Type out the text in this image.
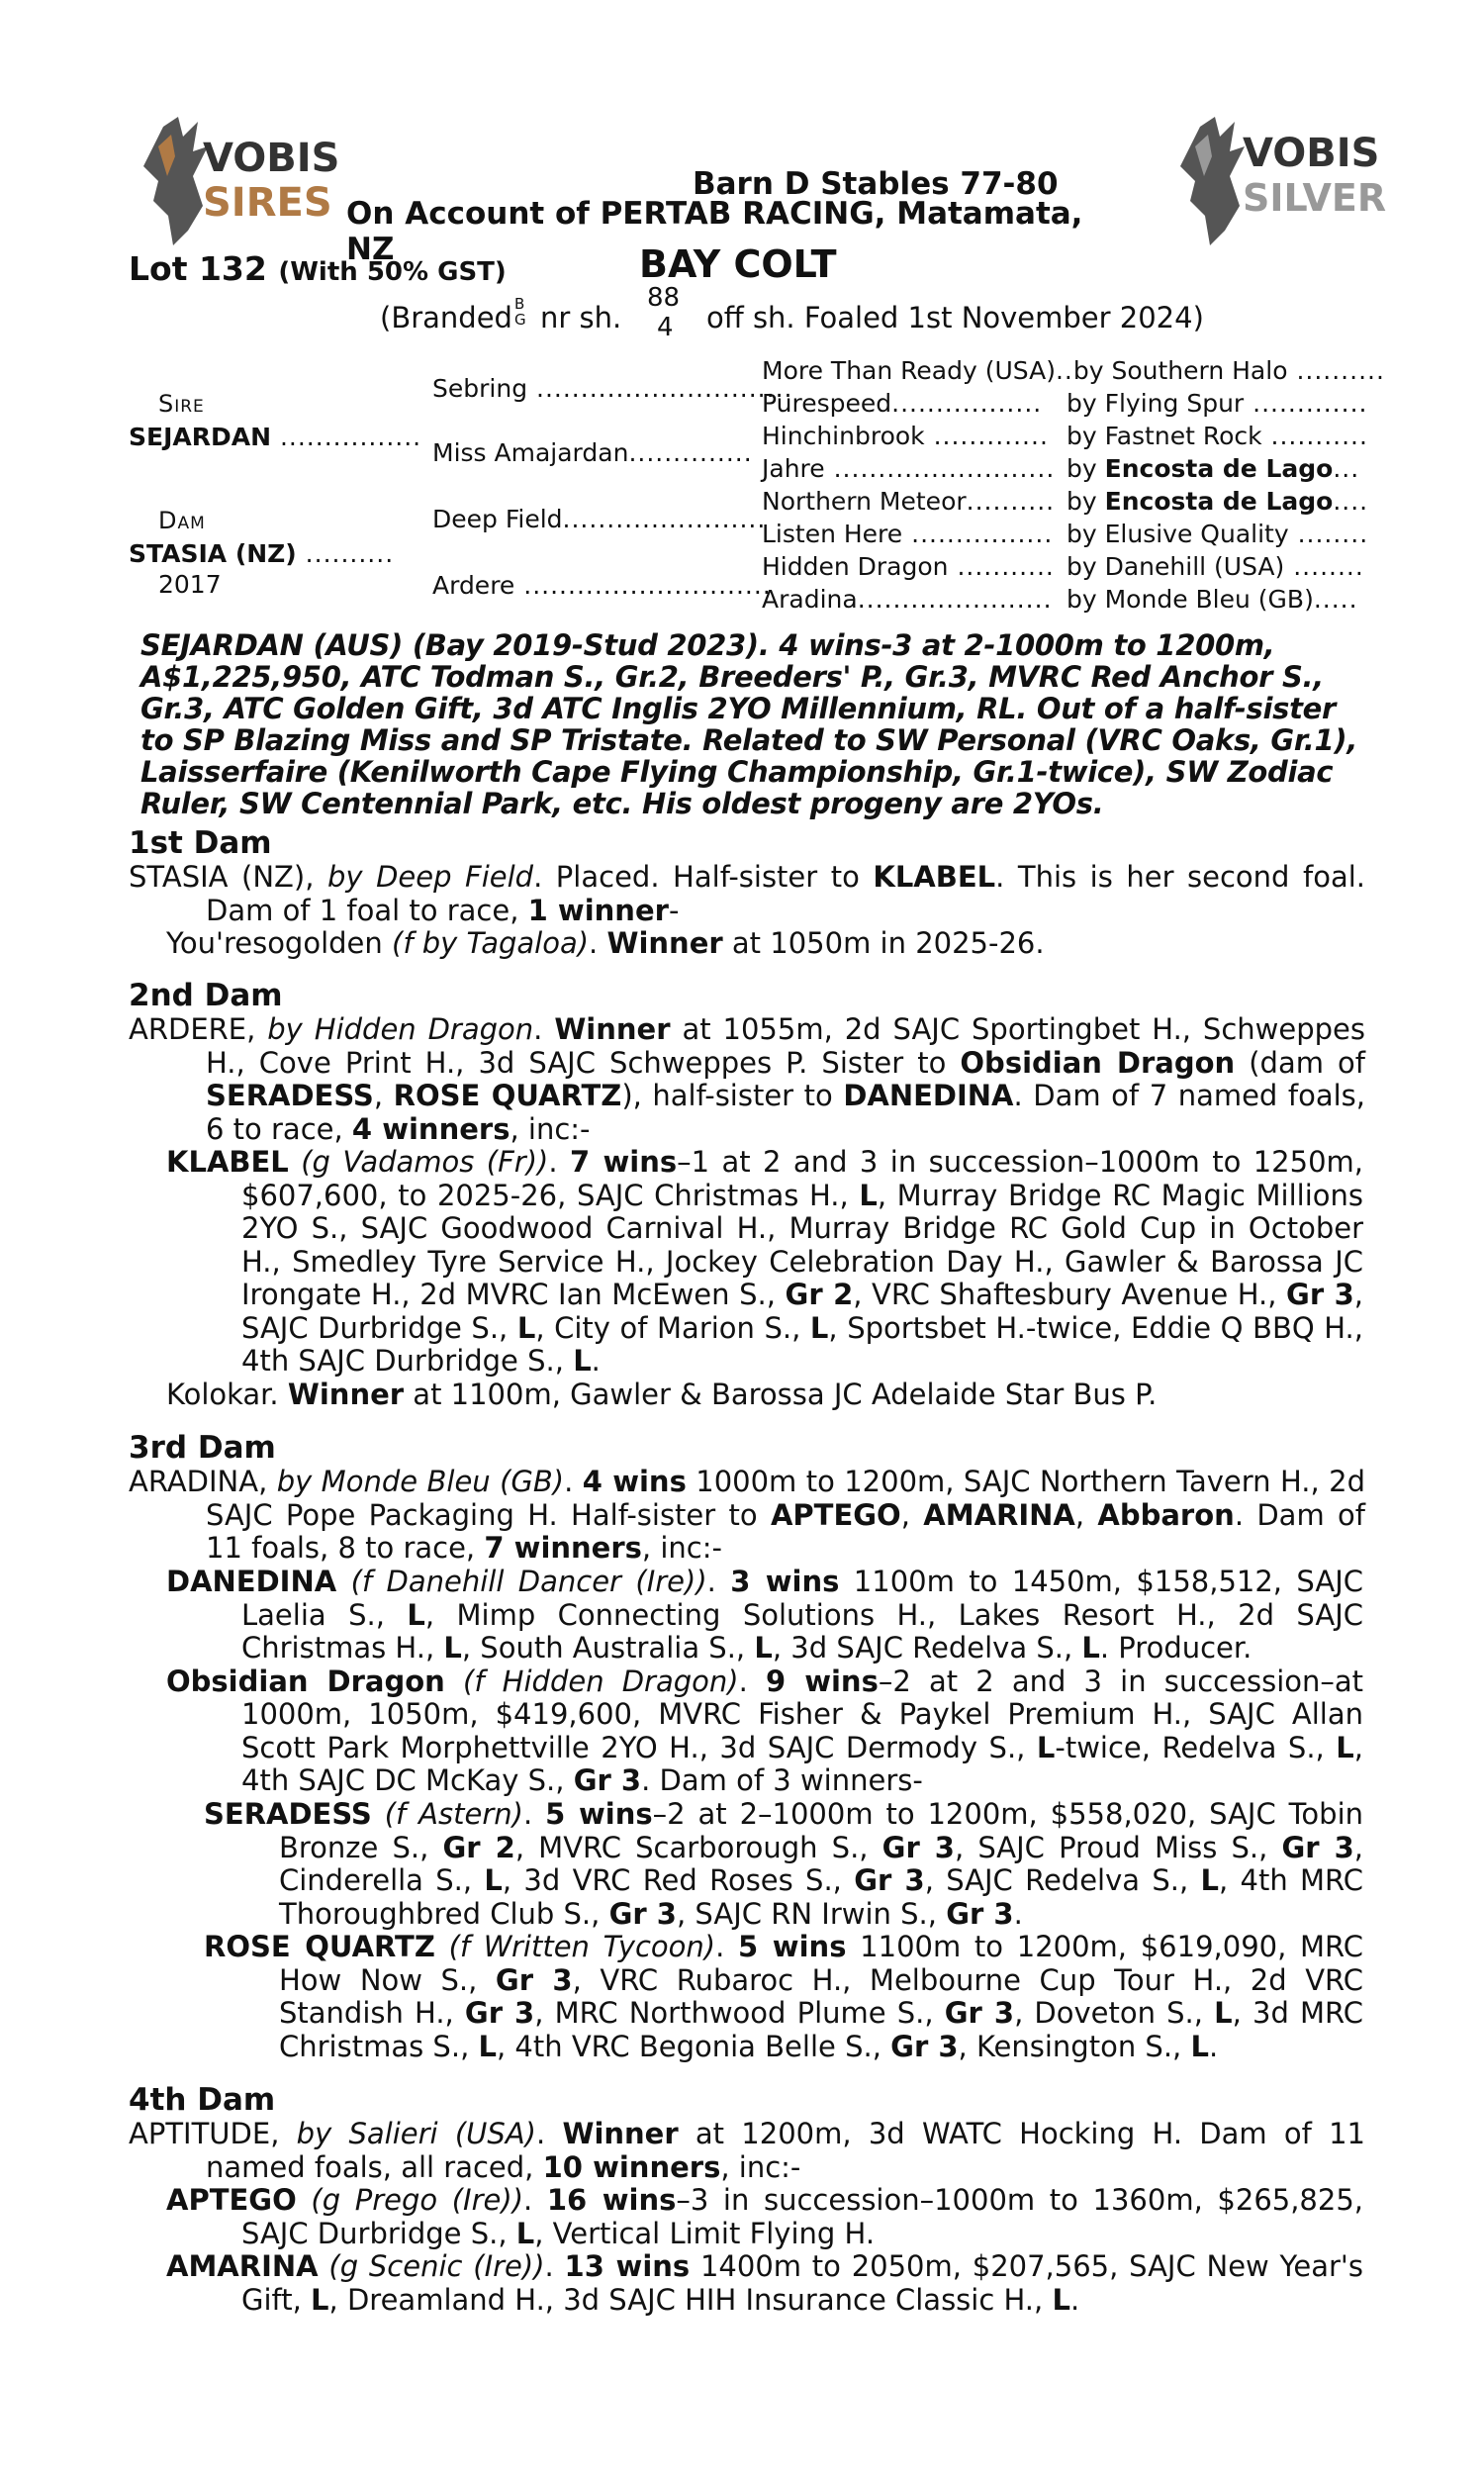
VOBIS
SIRES
VOBIS
SILVER
Barn D Stables 77-80
On Account of PERTAB RACING, Matamata, NZ
Lot 132 (With 50% GST)	BAY COLT
(Branded B
G nr sh.
88
4 off sh. Foaled 1st November 2024)
Sire
SEJARDAN ................
Dam
STASIA (NZ) ..........
2017
Sebring .............................
Miss Amajardan..............
Deep Field.......................
Ardere ............................
More Than Ready (USA)..by Southern Halo ..........
Purespeed................. by Flying Spur .............
Hinchinbrook ............. by Fastnet Rock ...........
Jahre ......................... by Encosta de Lago...
Northern Meteor.......... by Encosta de Lago....
Listen Here ................ by Elusive Quality ........
Hidden Dragon ........... by Danehill (USA) ........
Aradina...................... by Monde Bleu (GB).....
SEJARDAN (AUS) (Bay 2019-Stud 2023). 4 wins-3 at 2-1000m to 1200m, A$1,225,950, ATC Todman S., Gr.2, Breeders' P., Gr.3, MVRC Red Anchor S., Gr.3, ATC Golden Gift, 3d ATC Inglis 2YO Millennium, RL. Out of a half-sister to SP Blazing Miss and SP Tristate. Related to SW Personal (VRC Oaks, Gr.1), Laisserfaire (Kenilworth Cape Flying Championship, Gr.1-twice), SW Zodiac Ruler, SW Centennial Park, etc. His oldest progeny are 2YOs.
1st Dam

STASIA (NZ), by Deep Field. Placed. Half-sister to KLABEL. This is her second foal. Dam of 1 foal to race, 1 winner-

You'resogolden (f by Tagaloa). Winner at 1050m in 2025-26.

2nd Dam

ARDERE, by Hidden Dragon. Winner at 1055m, 2d SAJC Sportingbet H., Schweppes H., Cove Print H., 3d SAJC Schweppes P. Sister to Obsidian Dragon (dam of SERADESS, ROSE QUARTZ), half-sister to DANEDINA. Dam of 7 named foals, 6 to race, 4 winners, inc:-

KLABEL (g Vadamos (Fr)). 7 wins–1 at 2 and 3 in succession–1000m to 1250m, $607,600, to 2025-26, SAJC Christmas H., L, Murray Bridge RC Magic Millions 2YO S., SAJC Goodwood Carnival H., Murray Bridge RC Gold Cup in October H., Smedley Tyre Service H., Jockey Celebration Day H., Gawler & Barossa JC Irongate H., 2d MVRC Ian McEwen S., Gr 2, VRC Shaftesbury Avenue H., Gr 3, SAJC Durbridge S., L, City of Marion S., L, Sportsbet H.-twice, Eddie Q BBQ H., 4th SAJC Durbridge S., L.

Kolokar. Winner at 1100m, Gawler & Barossa JC Adelaide Star Bus P.

3rd Dam

ARADINA, by Monde Bleu (GB). 4 wins 1000m to 1200m, SAJC Northern Tavern H., 2d SAJC Pope Packaging H. Half-sister to APTEGO, AMARINA, Abbaron. Dam of 11 foals, 8 to race, 7 winners, inc:-

DANEDINA (f Danehill Dancer (Ire)). 3 wins 1100m to 1450m, $158,512, SAJC Laelia S., L, Mimp Connecting Solutions H., Lakes Resort H., 2d SAJC Christmas H., L, South Australia S., L, 3d SAJC Redelva S., L. Producer.

Obsidian Dragon (f Hidden Dragon). 9 wins–2 at 2 and 3 in succession–at 1000m, 1050m, $419,600, MVRC Fisher & Paykel Premium H., SAJC Allan Scott Park Morphettville 2YO H., 3d SAJC Dermody S., L-twice, Redelva S., L, 4th SAJC DC McKay S., Gr 3. Dam of 3 winners-

SERADESS (f Astern). 5 wins–2 at 2–1000m to 1200m, $558,020, SAJC Tobin Bronze S., Gr 2, MVRC Scarborough S., Gr 3, SAJC Proud Miss S., Gr 3, Cinderella S., L, 3d VRC Red Roses S., Gr 3, SAJC Redelva S., L, 4th MRC Thoroughbred Club S., Gr 3, SAJC RN Irwin S., Gr 3.

ROSE QUARTZ (f Written Tycoon). 5 wins 1100m to 1200m, $619,090, MRC How Now S., Gr 3, VRC Rubaroc H., Melbourne Cup Tour H., 2d VRC Standish H., Gr 3, MRC Northwood Plume S., Gr 3, Doveton S., L, 3d MRC Christmas S., L, 4th VRC Begonia Belle S., Gr 3, Kensington S., L.

4th Dam

APTITUDE, by Salieri (USA). Winner at 1200m, 3d WATC Hocking H. Dam of 11 named foals, all raced, 10 winners, inc:-

APTEGO (g Prego (Ire)). 16 wins–3 in succession–1000m to 1360m, $265,825, SAJC Durbridge S., L, Vertical Limit Flying H.

AMARINA (g Scenic (Ire)). 13 wins 1400m to 2050m, $207,565, SAJC New Year's Gift, L, Dreamland H., 3d SAJC HIH Insurance Classic H., L.
